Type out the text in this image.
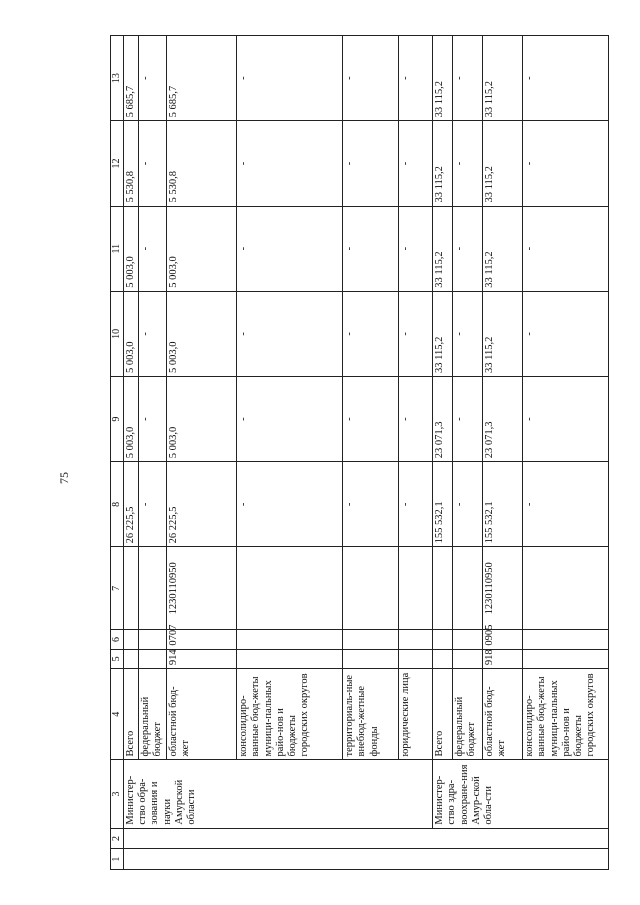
75
1	2	3	4	5	6	7	8	9	10	11	12	13
		Министер-ство обра-зования и науки Амурской области	Всего				26 225,5	5 003,0	5 003,0	5 003,0	5 530,8	5 685,7
			федеральный бюджет				-	-	-	-	-	-
			областной бюд-жет	914	0707	1230110950	26 225,5	5 003,0	5 003,0	5 003,0	5 530,8	5 685,7
			консолидиро-ванные бюд-жеты муници-пальных райо-нов и бюджеты городских округов				-	-	-	-	-	-
			территориаль-ные внебюд-жетные фонды				-	-	-	-	-	-
			юридические лица				-	-	-	-	-	-
		Министер-ство здра-воохране-ния Амур-ской обла-сти	Всего				155 532,1	23 071,3	33 115,2	33 115,2	33 115,2	33 115,2
			федеральный бюджет				-	-	-	-	-	-
			областной бюд-жет	918	0905	1230110950	155 532,1	23 071,3	33 115,2	33 115,2	33 115,2	33 115,2
			консолидиро-ванные бюд-жеты муници-пальных райо-нов и бюджеты городских округов				-	-	-	-	-	-
